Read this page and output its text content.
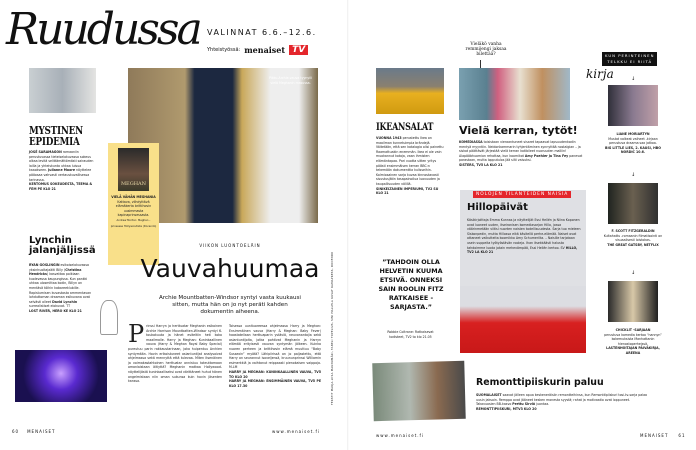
Ruudussa VALINNAT 6.6.–12.6.
Yhteistyössä: menaiset TV
MYSTINEN
EPIDEMIA
JOSÉ SARAMAGON romaaniin perustuvassa tieteiselokuvassa sokeus alkaa levitä selittämättömästi sairauden lailla ja yhteiskunta uhkaa luisua kaaokseen. Julianne Moore näyttelee pääosaa vahvasti vertauskuvallisessa tarinassa.
KERTOMUS SOKEUDESTA, TEEMA & FEM PE KLO 21
Pikku-Archie-vauva tyynyili vielä Meghanin masussa.
MEGHAN
VIELÄ VÄHÄN MEGHANIA
Kattava, viihdyttävä elämäkerta brittihovin uusimmasta kapinaprinsessasta.
Andrew Morton: Meghan – prinsessa Hollywoodista (Docendo)
Lynchin
jalanjäljissä
RYAN GOSLINGIN esikoiselokuvassa yksinhuoltajaäiti Billy (Christina Hendricks) kasvattaa poikiaan kuolevassa kaupungissa. Kun pankki uhkaa ulosmittaa kodin, Billyn on mentävä töihin kabareeklubille. Rapistumisen kuvastosta ammentavan lohduttoman draaman esikuvana ovat selvästi olleet David Lynchin surrealistiset elokuvat. TT
LOST RIVER, HERO KE KLO 21
VIIKON LUONTOELÄIN
Vauvahuumaa
Archie Mountbatten-Windsor syntyi vasta kuukausi sitten, mutta hän on jo nyt peräti kahden dokumentin aiheena.
Prinssi Harryn ja herttuatar Meghanin esikoinen Archie Harrison Mountbatten-Windsor syntyi 6. toukokuuta ja hänet esiteltiin heti koko maailmalle. Harry ja Meghan: Kuninkaallinen vauva (Harry & Meghan Royal Baby Special) pureutuu parin rakkaustarinaan, joka huipentuu Archien syntymään. Hovin erikoistuneet asiantuntijat analysoivat ohjelmassa sekä mennyttä että tulevaa. Miten itsenäinen ja voimakastahtoinen herttuatar onnistuu toteuttamaan omanlaistaan äitiyttä? Meghanin matkaa Hollywood-näyttelijästä kuninkaalliseksi ovat värittäneet huhut hänen ongelmistaan niin oman sukunsa kuin hovin jäsenten kanssa.
Toisessa uunituoreessa ohjelmassa Harry ja Meghan: Ensimmäinen vauva (Harry & Meghan: Baby Fever) haastatellaan herttuaparin ystäviä, neuvonantajia sekä asiantuntijoita, jotka pohtivat Meghanin ja Harryn elämää erityisesti vauvan syntymän jälkeen. Kuinka nuoren perheen ja brittihovin elämä muuttuu “Baby Sussexin” myötä? Lähipiirissä on jo paljastettu, että Harry on seurannut isoveljensä, kruununprinssi Williamin esimerkkiä ja vaihtanut reippaasti pienokaisen vaippoja. M-LM
HARRY JA MEGHAN: KUNINKAALLINEN VAUVA, TV5 TO KLO 20
HARRY JA MEGHAN: ENSIMMÄINEN VAUVA, TV5 PE KLO 17.30	TEKSTIT MARJA-LIISA MAUNUMÄKI, TANELI TOPELIUS, SINI HALLELA KUVAT RAMAPRESS, DOCENDO
60 MENAISET	www.menaiset.fi
IKEANSALAT
VUONNA 1943 perustettu Ikea on maailman tunnetuimpia brändejä. Väitetään, että sen katalogia olisi painettu Raamattuakin enemmän. Ikea ei ole vain muokannut kotoja, vaan ihmisten elämäntapaa. Pari vuotta sitten yritys päästi ensimmäisen kerran BBC:n tekemään dokumenttia kulisseihin. Kolmiosainen sarja kuvaa kinnostavasti sisustusjätin tasapainoilua luovuuden ja kaupallisuuden välillä.
SINIKELTAINEN IMPERIUMI, TV2 SU KLO 21
”TAHDOIN OLLA HELVETIN KUUMA ETSIVÄ. ONNEKSI SAIN ROOLIN FITZ RATKAISEE -SARJASTA.”
Robbie Coltrane: Ratkaisevat todisteet, TV2 to klo 21.05
Vieläkö vanha remmijengi jaksaa bilettää?
Vielä kerran, tytöt!
KOMEDIASSA toisistaan vieraantuneet sisaret tapaavat lapsuudenkodin mentyä myyntiin. Neidonkammarin tyhjentäminen synnyttää nostalgian – ja siskot päättävät järjestää vielä kerran kotibileet nuoruuden malliin! Alapääbhuomion rehottaa, kun koomikot Amy Poehler ja Tina Fey panevat parastaan, mutta lopputulos jää silti vaisuksi.
SISTERS, TV5 LA KLO 21
NOLOJEN TILANTEIDEN NAISIA
Hillopäivät
Käsikirjoittaja Emma Kunnas ja näyttelijät Essi Hellén ja Niina Koponen ovat luoneet uuden, itseironisen komediasarjan Hillo, jossa väärinmetään viitisi nuorten naisten todellisuudesta. Sarja tuo mieleen Siskonpedin, mutta Hillossa eikä käsitellä perhe-elämää. Naiset ovat ottaneet vaikutteita koomikko Amy Schumerilta. – Naisille tarjotaan usein suppeita työtyöstävän rooleja. Ihan itsekkäästi halusta tahdoimme luoda jotain mehevämpää, Essi Hellén kertoo. SV HILLO, TV2 LA KLO 21
KUN PERINTEINEN
TELKKU EI RIITÄ
kirja	↓
LIANE MORIARTYN
Mustat valkeat valheet -kirjaan perustuva draama saa jatkoa.
BIG LITTLE LIES, 2. KAUSI, HBO NORDIC 10.6.
↓
F. SCOTT FITZGERALDIN
Kultahattu -romaanin filmatisointi on visuaalisesti loistokas.
THE GREAT GATSBY, NETFLIX
↓
CHICKLIT -SARJAAN
perustuva komedia kertoo “nannyn” kokemuksista Manhattanin hienostoperheissä.
LASTENHOITAJAN PÄIVÄKIRJA, AREENA
Remonttipiiskurin paluu
SUOMALAISET saavat jälleen apua keskeneräisiin remontteihinsa, kun Remonttipiiskuri tosi-tv-sarja palaa uusin jaksoin. Remppa ovat jääneet kesken monesta syystä; rahat ja motivaatio ovat loppuneet. Takavuosien BB-kasvo Perttu Sirviö juontaa.
REMONTTIPIISKURI, MTV3 KLO 20
www.menaiset.fi	MENAISET	61
